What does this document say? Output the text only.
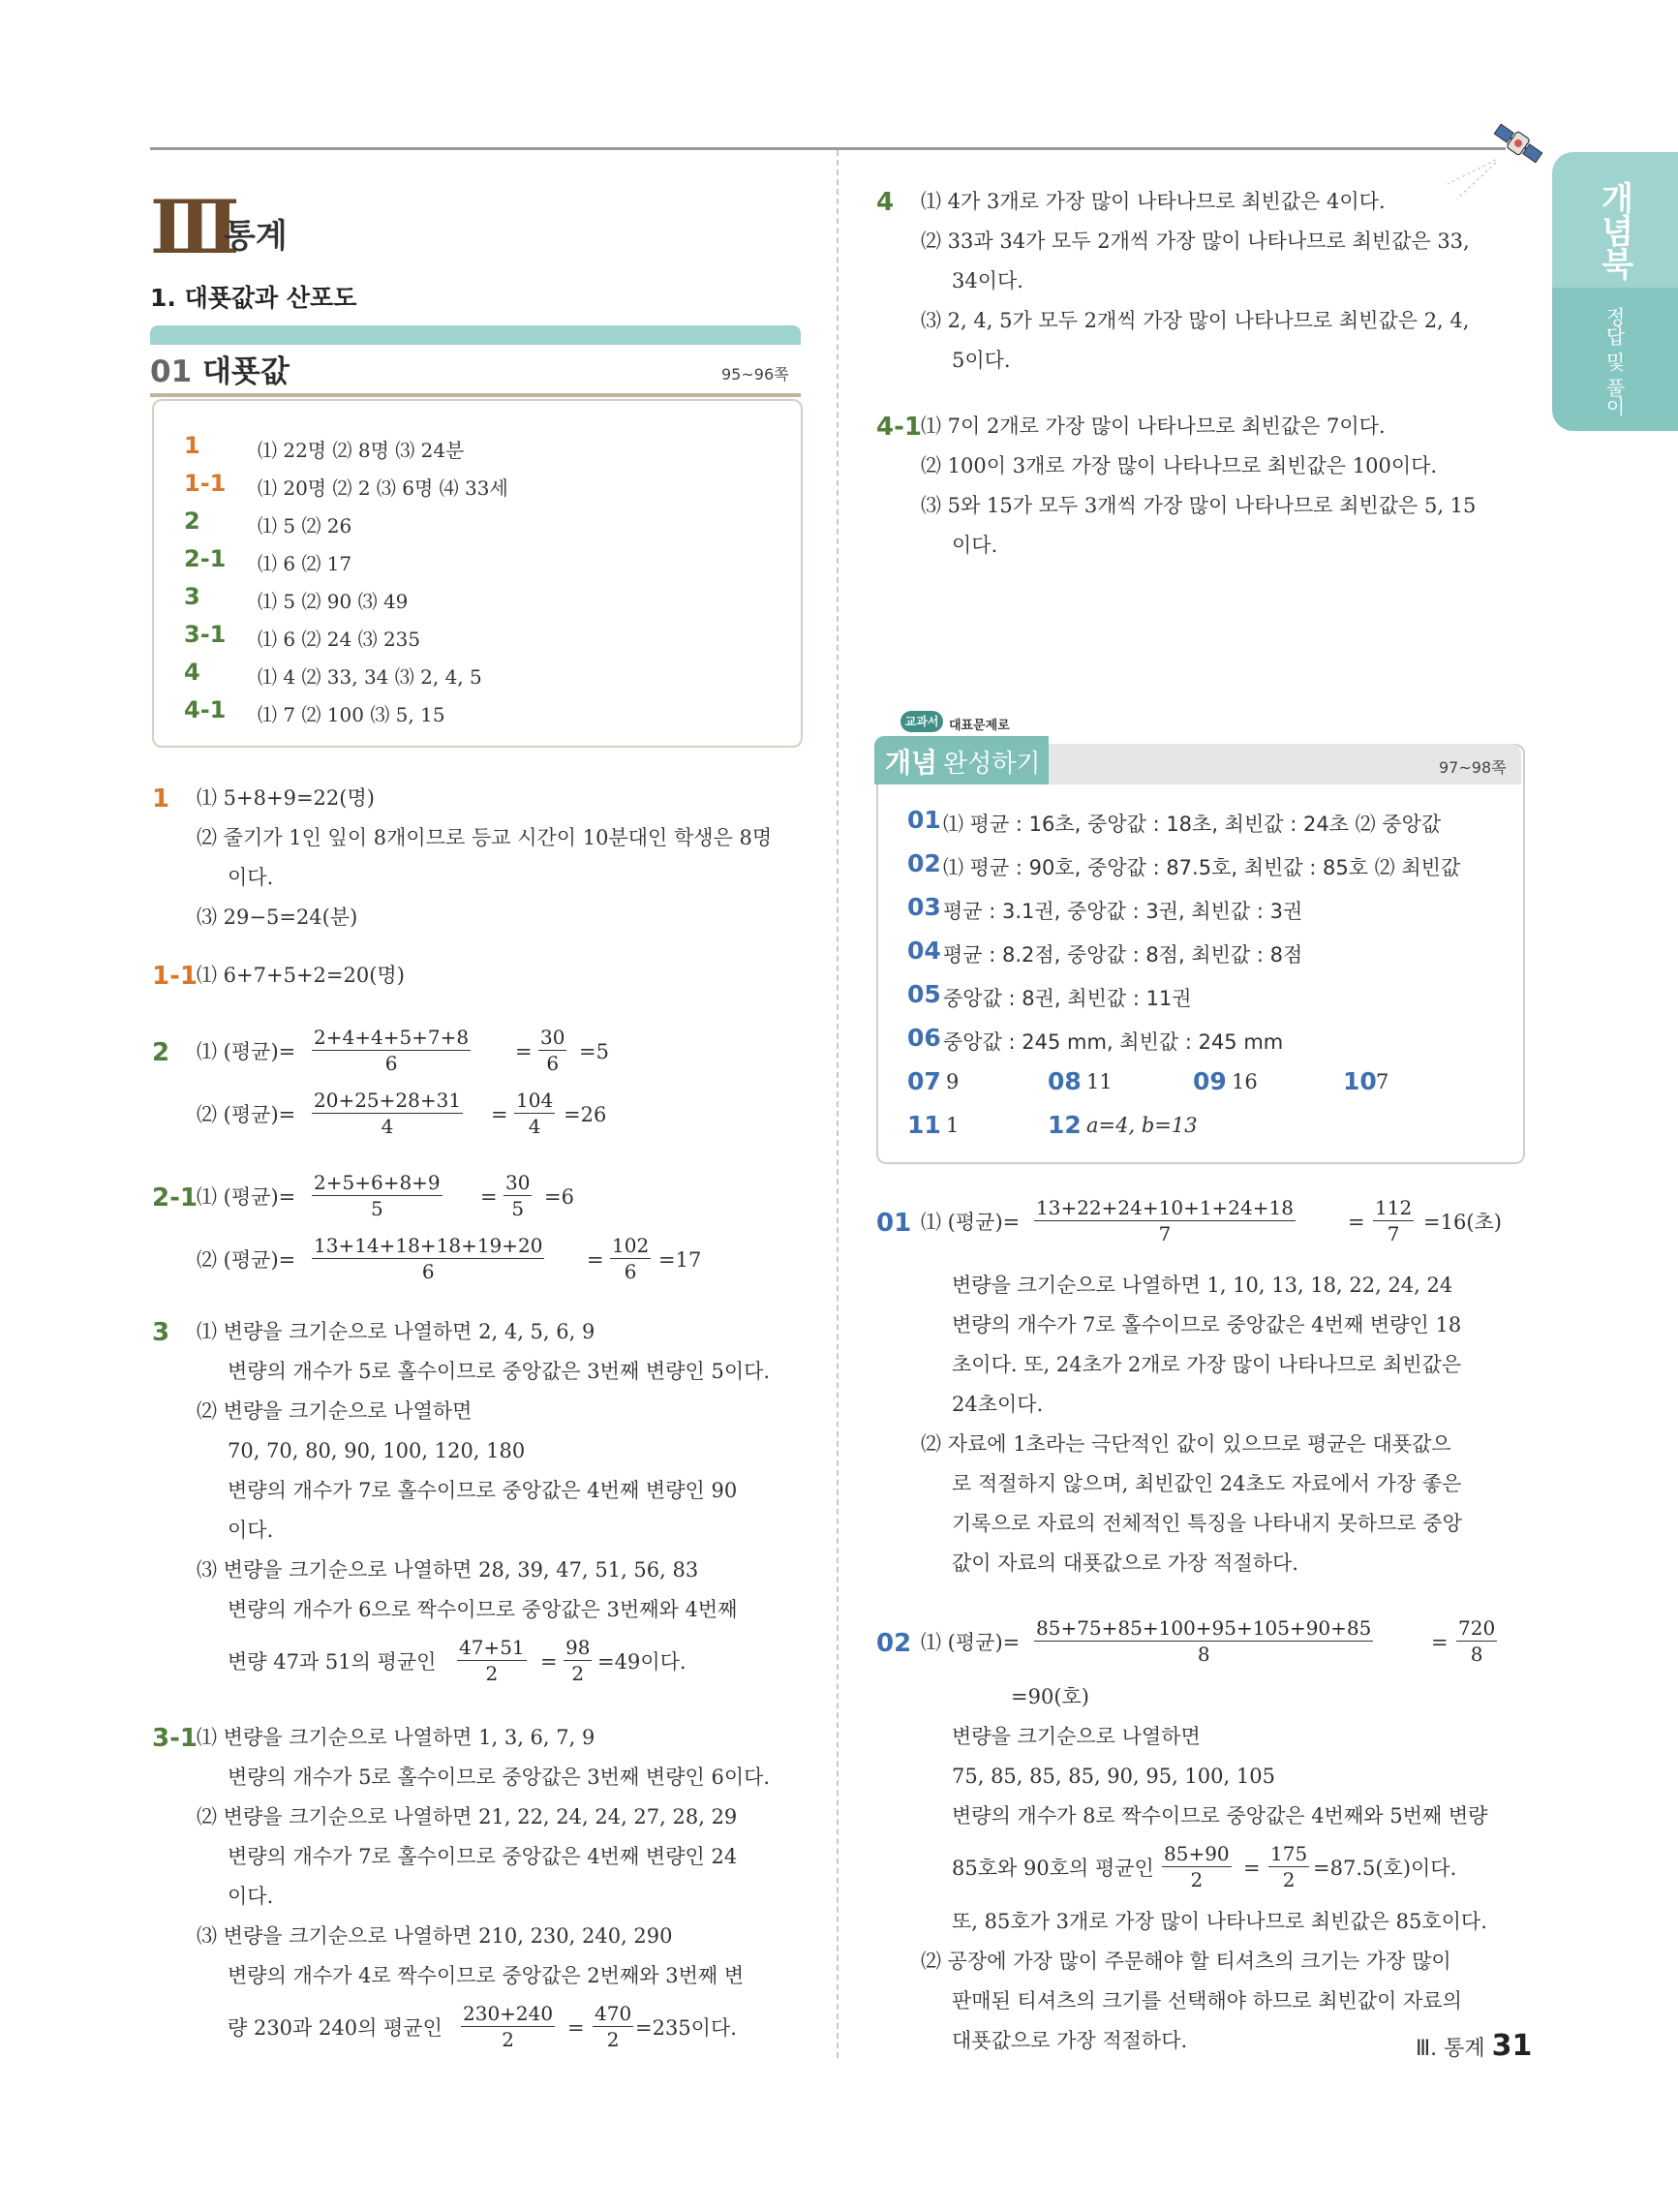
개념북
정답 및 풀이
Ⅲ
통계
1. 대푯값과 산포도
01 대푯값	95~96쪽
1	⑴ 22명 ⑵ 8명 ⑶ 24분
1-1 ⑴ 20명 ⑵ 2 ⑶ 6명 ⑷ 33세
2	⑴ 5 ⑵ 26
2-1 ⑴ 6 ⑵ 17
3	⑴ 5 ⑵ 90 ⑶ 49
3-1 ⑴ 6 ⑵ 24 ⑶ 235
4	⑴ 4 ⑵ 33, 34 ⑶ 2, 4, 5
4-1 ⑴ 7 ⑵ 100 ⑶ 5, 15
1 ⑴ 5+8+9=22(명)
⑵ 줄기가 1인 잎이 8개이므로 등교 시간이 10분대인 학생은 8명
이다.
⑶ 29−5=24(분)
1-1 ⑴ 6+7+5+2=20(명)
2 ⑴ (평균)= $\frac{2+4+4+5+7+8}{6} = \frac{30}{6} =5$
⑵ (평균)= $\frac{20+25+28+31}{4} = \frac{104}{4} =26$
2-1 ⑴ (평균)= $\frac{2+5+6+8+9}{5} = \frac{30}{5} =6$
⑵ (평균)= $\frac{13+14+18+18+19+20}{6} = \frac{102}{6} =17$
3 ⑴ 변량을 크기순으로 나열하면 2, 4, 5, 6, 9
변량의 개수가 5로 홀수이므로 중앙값은 3번째 변량인 5이다.
⑵ 변량을 크기순으로 나열하면
70, 70, 80, 90, 100, 120, 180
변량의 개수가 7로 홀수이므로 중앙값은 4번째 변량인 90
이다.
⑶ 변량을 크기순으로 나열하면 28, 39, 47, 51, 56, 83
변량의 개수가 6으로 짝수이므로 중앙값은 3번째와 4번째
변량 47과 51의 평균인 $\frac{47+51}{2} = \frac{98}{2} =49$이다.
3-1 ⑴ 변량을 크기순으로 나열하면 1, 3, 6, 7, 9
변량의 개수가 5로 홀수이므로 중앙값은 3번째 변량인 6이다.
⑵ 변량을 크기순으로 나열하면 21, 22, 24, 24, 27, 28, 29
변량의 개수가 7로 홀수이므로 중앙값은 4번째 변량인 24
이다.
⑶ 변량을 크기순으로 나열하면 210, 230, 240, 290
변량의 개수가 4로 짝수이므로 중앙값은 2번째와 3번째 변
량 230과 240의 평균인 $\frac{230+240}{2} = \frac{470}{2} =235$이다.
4 ⑴ 4가 3개로 가장 많이 나타나므로 최빈값은 4이다.
⑵ 33과 34가 모두 2개씩 가장 많이 나타나므로 최빈값은 33,
34이다.
⑶ 2, 4, 5가 모두 2개씩 가장 많이 나타나므로 최빈값은 2, 4,
5이다.
4-1 ⑴ 7이 2개로 가장 많이 나타나므로 최빈값은 7이다.
⑵ 100이 3개로 가장 많이 나타나므로 최빈값은 100이다.
⑶ 5와 15가 모두 3개씩 가장 많이 나타나므로 최빈값은 5, 15
이다.
교과서 대표문제로
개념 완성하기	97~98쪽
01 ⑴ 평균 : 16초, 중앙값 : 18초, 최빈값 : 24초 ⑵ 중앙값
02 ⑴ 평균 : 90호, 중앙값 : 87.5호, 최빈값 : 85호 ⑵ 최빈값
03 평균 : 3.1권, 중앙값 : 3권, 최빈값 : 3권
04 평균 : 8.2점, 중앙값 : 8점, 최빈값 : 8점
05 중앙값 : 8권, 최빈값 : 11권
06 중앙값 : 245 mm, 최빈값 : 245 mm
07 9	08 11	09 16	10 7
11 1	12 a=4, b=13
01 ⑴ (평균)= $\frac{13+22+24+10+1+24+18}{7}$	= $\frac{112}{7} =16$(초)
변량을 크기순으로 나열하면 1, 10, 13, 18, 22, 24, 24
변량의 개수가 7로 홀수이므로 중앙값은 4번째 변량인 18
초이다. 또, 24초가 2개로 가장 많이 나타나므로 최빈값은
24초이다.
⑵ 자료에 1초라는 극단적인 값이 있으므로 평균은 대푯값으
로 적절하지 않으며, 최빈값인 24초도 자료에서 가장 좋은
기록으로 자료의 전체적인 특징을 나타내지 못하므로 중앙
값이 자료의 대푯값으로 가장 적절하다.
02 ⑴ (평균)= $\frac{85+75+85+100+95+105+90+85}{8}$	= $\frac{720}{8}$
=90(호)
변량을 크기순으로 나열하면
75, 85, 85, 85, 90, 95, 100, 105
변량의 개수가 8로 짝수이므로 중앙값은 4번째와 5번째 변량
85호와 90호의 평균인 $\frac{85+90}{2} = \frac{175}{2} =87.5$(호)이다.
또, 85호가 3개로 가장 많이 나타나므로 최빈값은 85호이다.
⑵ 공장에 가장 많이 주문해야 할 티셔츠의 크기는 가장 많이
판매된 티셔츠의 크기를 선택해야 하므로 최빈값이 자료의
대푯값으로 가장 적절하다.	Ⅲ. 통계 31
